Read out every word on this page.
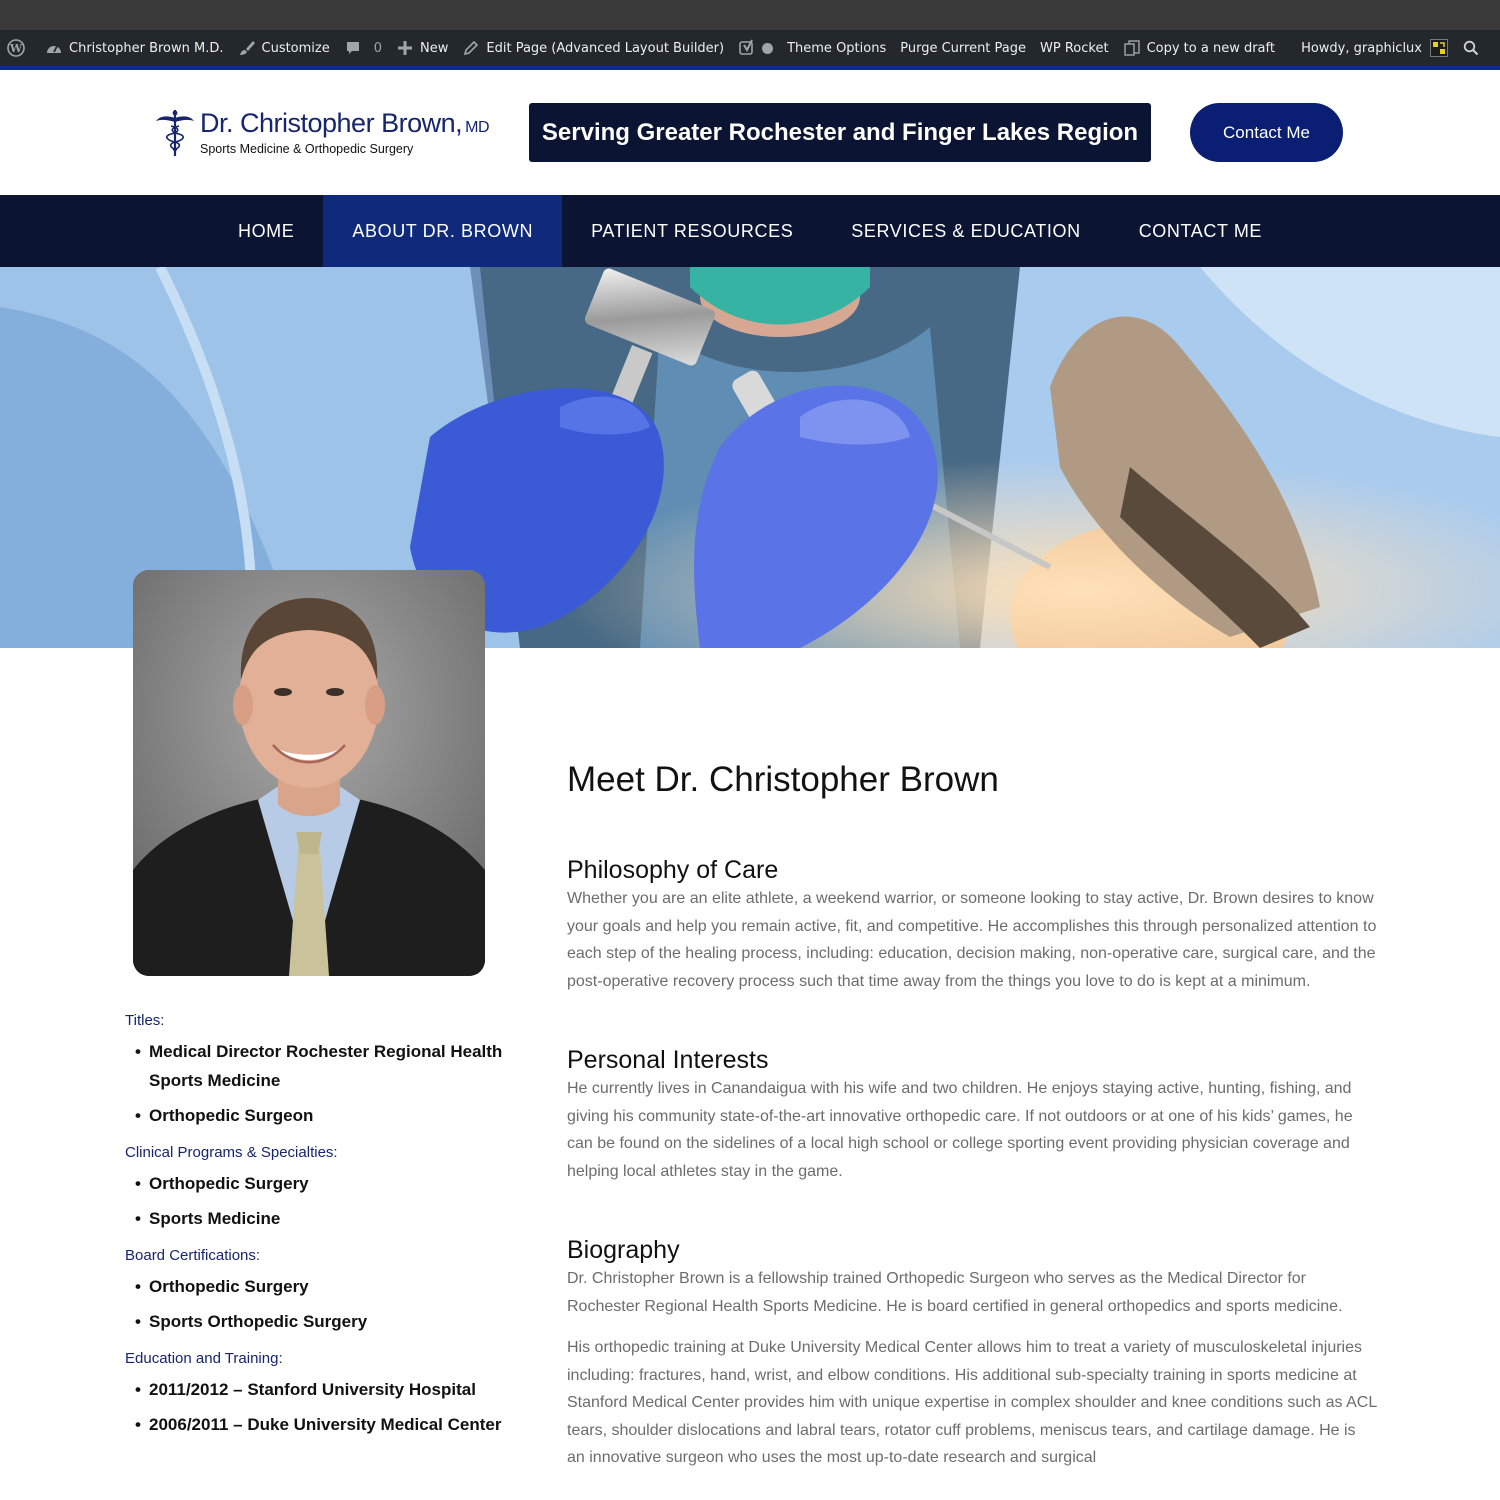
W	Christopher Brown M.D.	Customize	0	New	Edit Page (Advanced Layout Builder)	Theme Options Purge Current Page WP Rocket	Copy to a new draft Howdy, graphiclux
Dr. Christopher Brown, MD
Sports Medicine & Orthopedic Surgery
Serving Greater Rochester and Finger Lakes Region	Contact Me
HOME	ABOUT DR. BROWN	PATIENT RESOURCES	SERVICES & EDUCATION	CONTACT ME
Titles:
• Medical Director Rochester Regional Health Sports Medicine
• Orthopedic Surgeon
Clinical Programs & Specialties:
• Orthopedic Surgery
• Sports Medicine
Board Certifications:
• Orthopedic Surgery
• Sports Orthopedic Surgery
Education and Training:
• 2011/2012 – Stanford University Hospital
• 2006/2011 – Duke University Medical Center
Meet Dr. Christopher Brown
Philosophy of Care

Whether you are an elite athlete, a weekend warrior, or someone looking to stay active, Dr. Brown desires to know your goals and help you remain active, fit, and competitive. He accomplishes this through personalized attention to each step of the healing process, including: education, decision making, non-operative care, surgical care, and the post-operative recovery process such that time away from the things you love to do is kept at a minimum.

Personal Interests

He currently lives in Canandaigua with his wife and two children. He enjoys staying active, hunting, fishing, and giving his community state-of-the-art innovative orthopedic care. If not outdoors or at one of his kids’ games, he can be found on the sidelines of a local high school or college sporting event providing physician coverage and helping local athletes stay in the game.

Biography

Dr. Christopher Brown is a fellowship trained Orthopedic Surgeon who serves as the Medical Director for Rochester Regional Health Sports Medicine. He is board certified in general orthopedics and sports medicine.

His orthopedic training at Duke University Medical Center allows him to treat a variety of musculoskeletal injuries including: fractures, hand, wrist, and elbow conditions. His additional sub-specialty training in sports medicine at Stanford Medical Center provides him with unique expertise in complex shoulder and knee conditions such as ACL tears, shoulder dislocations and labral tears, rotator cuff problems, meniscus tears, and cartilage damage. He is an innovative surgeon who uses the most up-to-date research and surgical
